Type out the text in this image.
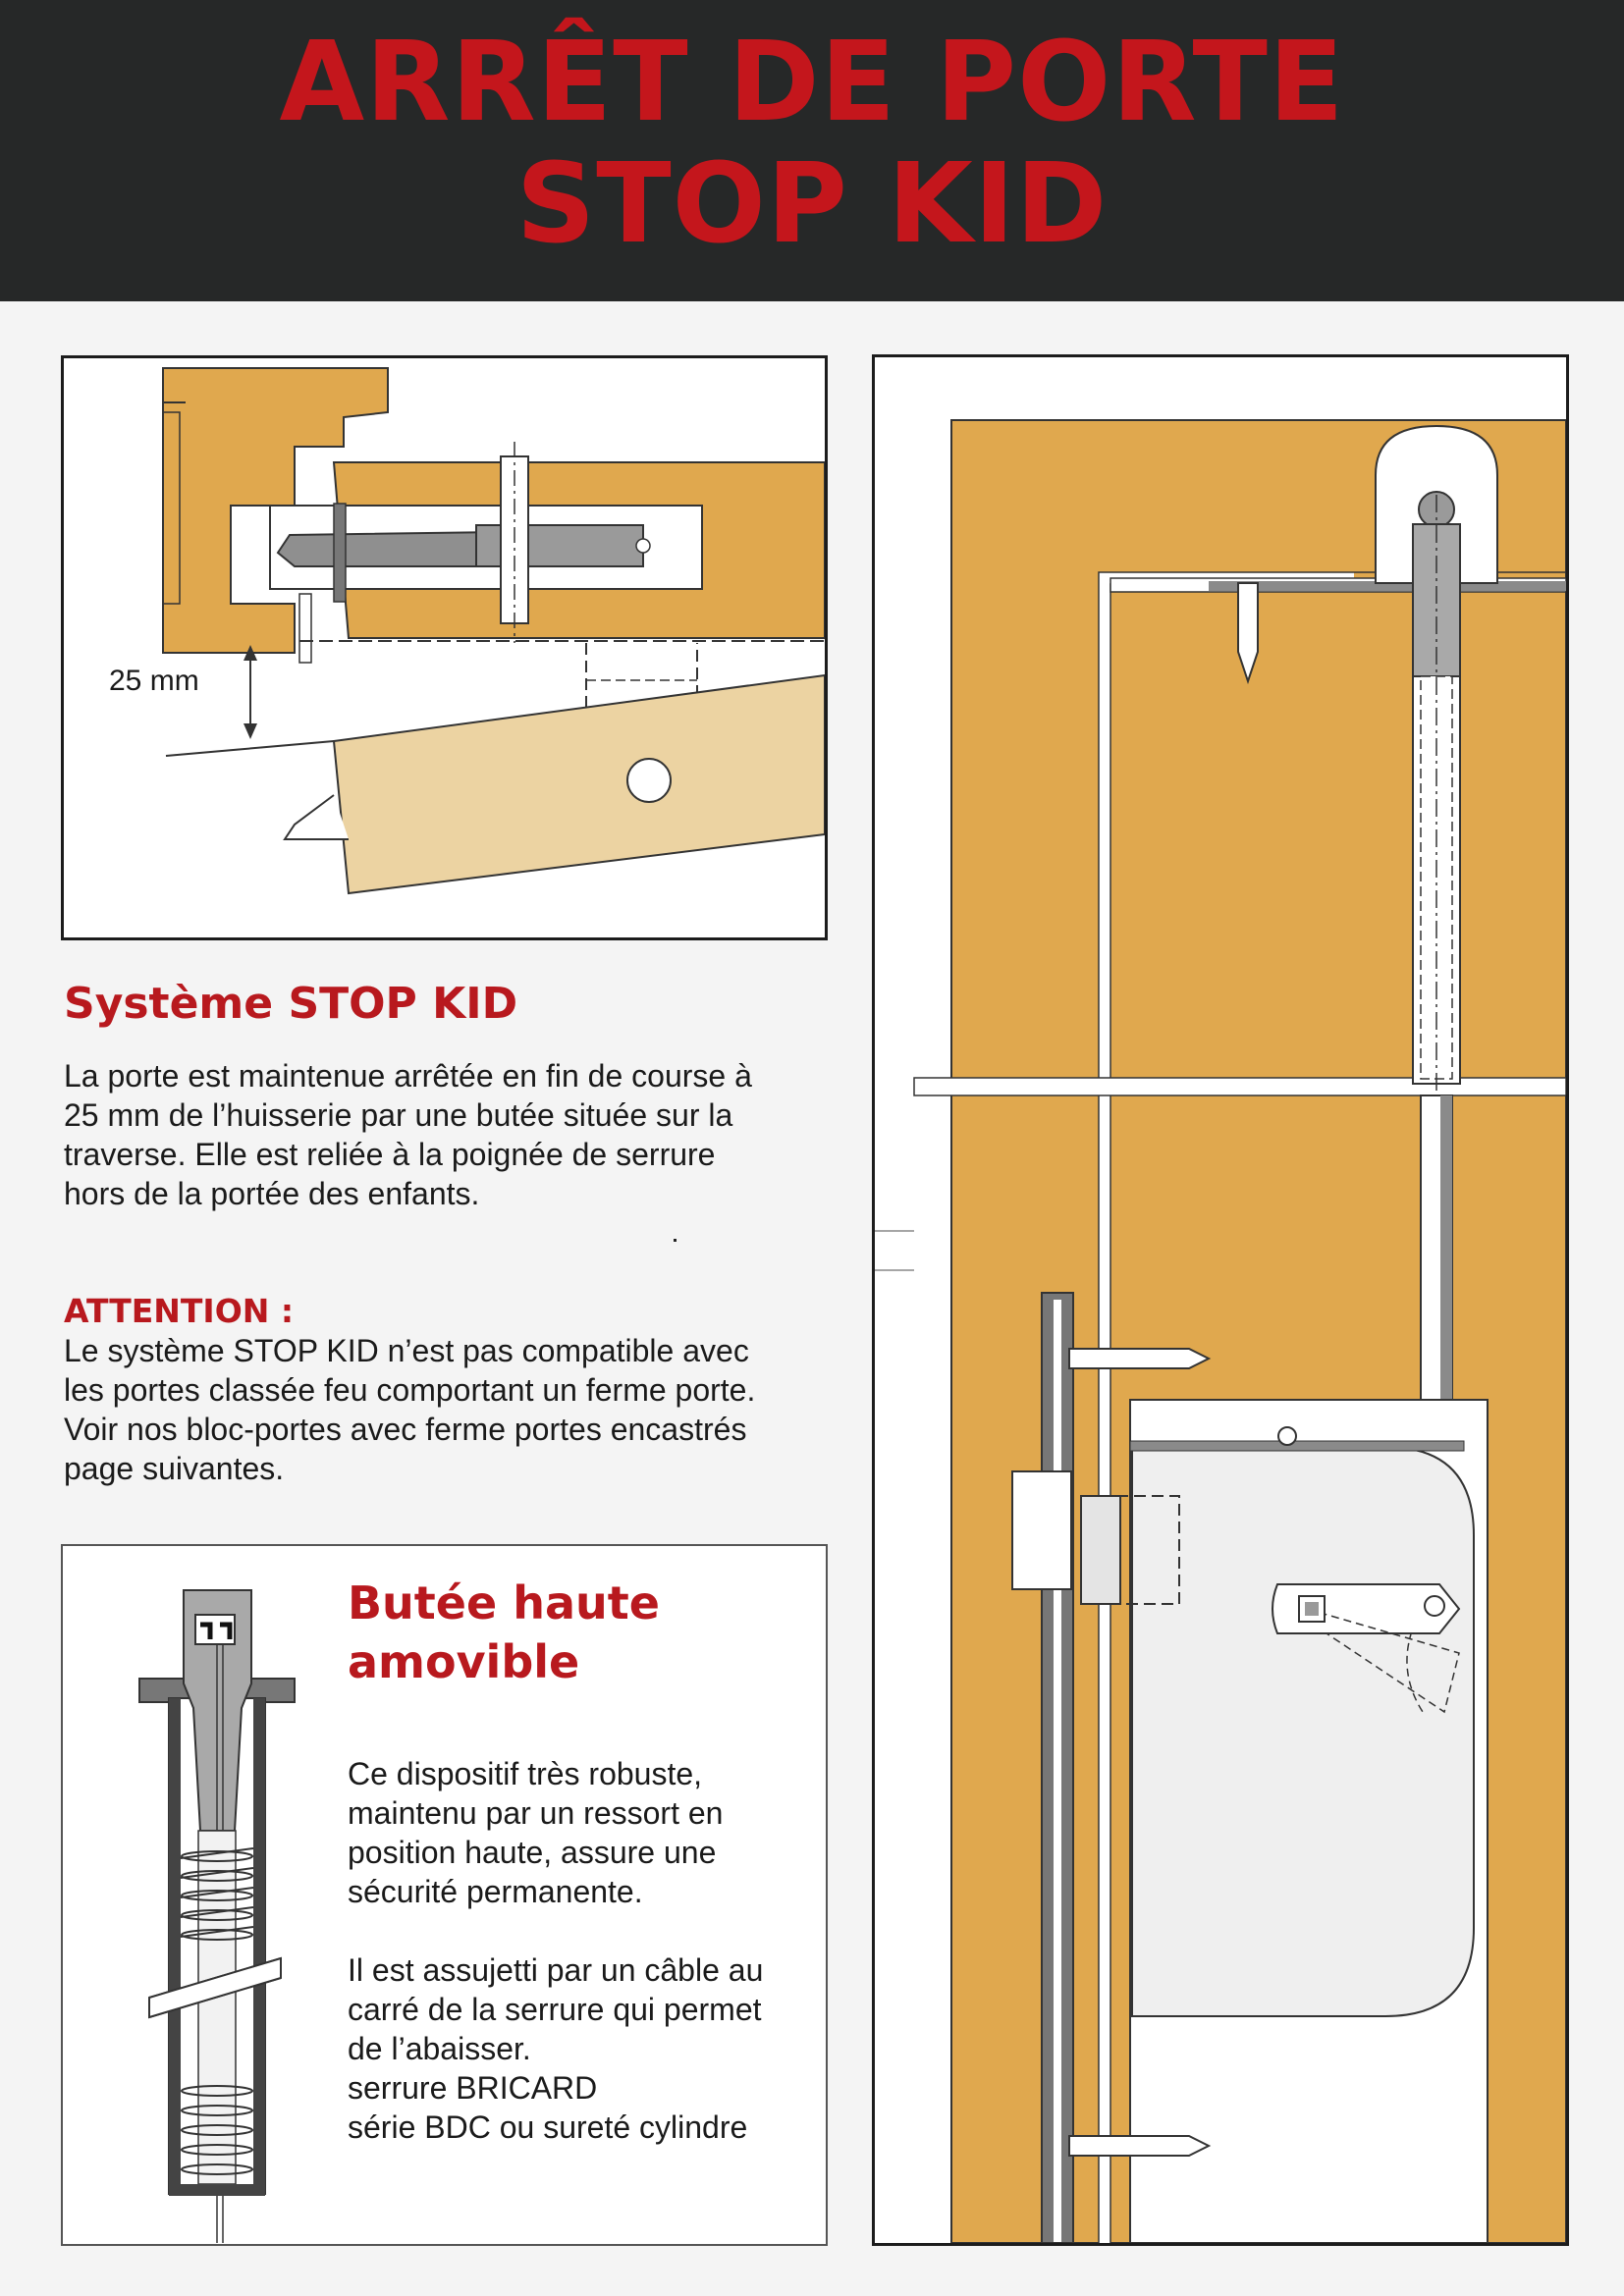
ARRÊT DE PORTE
STOP KID
25 mm
Système STOP KID

La porte est maintenue arrêtée en fin de course à
25 mm de l’huisserie par une butée située sur la
traverse. Elle est reliée à la poignée de serrure
hors de la portée des enfants.

ATTENTION :

Le système STOP KID n’est pas compatible avec
les portes classée feu comportant un ferme porte.
Voir nos bloc-portes avec ferme portes encastrés
page suivantes.

Butée haute
amovible

Ce dispositif très robuste,
maintenu par un ressort en
position haute, assure une
sécurité permanente.

Il est assujetti par un câble au
carré de la serrure qui permet
de l’abaisser.
serrure BRICARD
série BDC ou sureté cylindre
